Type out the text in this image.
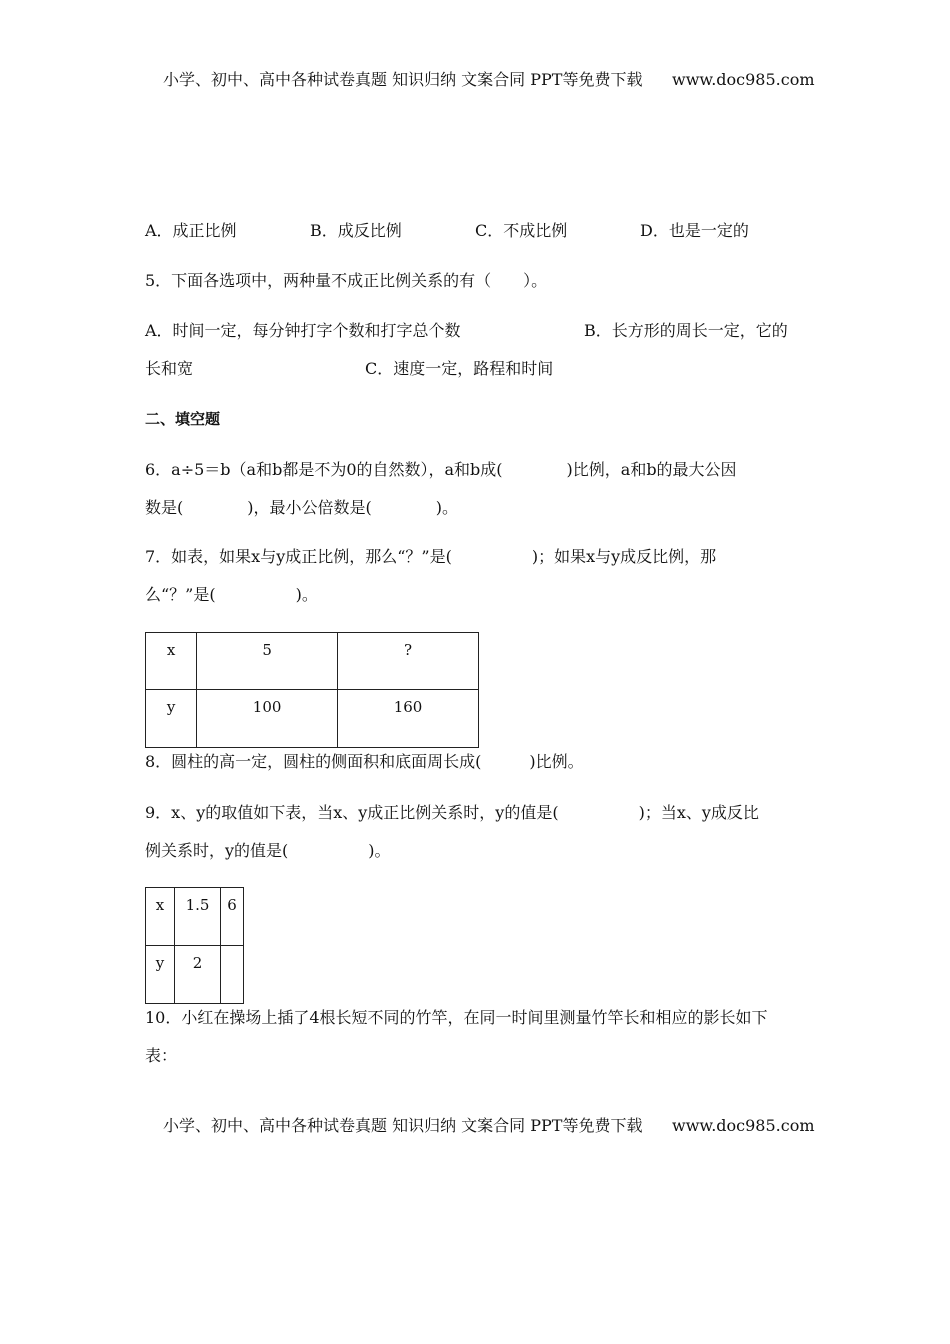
小学、初中、高中各种试卷真题 知识归纳 文案合同 PPT等免费下载 www.doc985.com
A．成正比例	B．成反比例	C．不成比例	D．也是一定的
5．下面各选项中，两种量不成正比例关系的有（　　）。
A．时间一定，每分钟打字个数和打字总个数	B．长方形的周长一定，它的
长和宽	C．速度一定，路程和时间
二、填空题
6．a÷5＝b（a和b都是不为0的自然数），a和b成(　　　　)比例，a和b的最大公因
数是(　　　　)，最小公倍数是(　　　　)。
7．如表，如果x与y成正比例，那么“？”是(　　　　　)；如果x与y成反比例，那
么“？”是(　　　　　)。
x	5	?
y	100	160
8．圆柱的高一定，圆柱的侧面积和底面周长成(　　　)比例。
9．x、y的取值如下表，当x、y成正比例关系时，y的值是(　　　　　)；当x、y成反比
例关系时，y的值是(　　　　　)。
x	1.5	6
y	2	
10．小红在操场上插了4根长短不同的竹竿，在同一时间里测量竹竿长和相应的影长如下
表：
小学、初中、高中各种试卷真题 知识归纳 文案合同 PPT等免费下载 www.doc985.com
